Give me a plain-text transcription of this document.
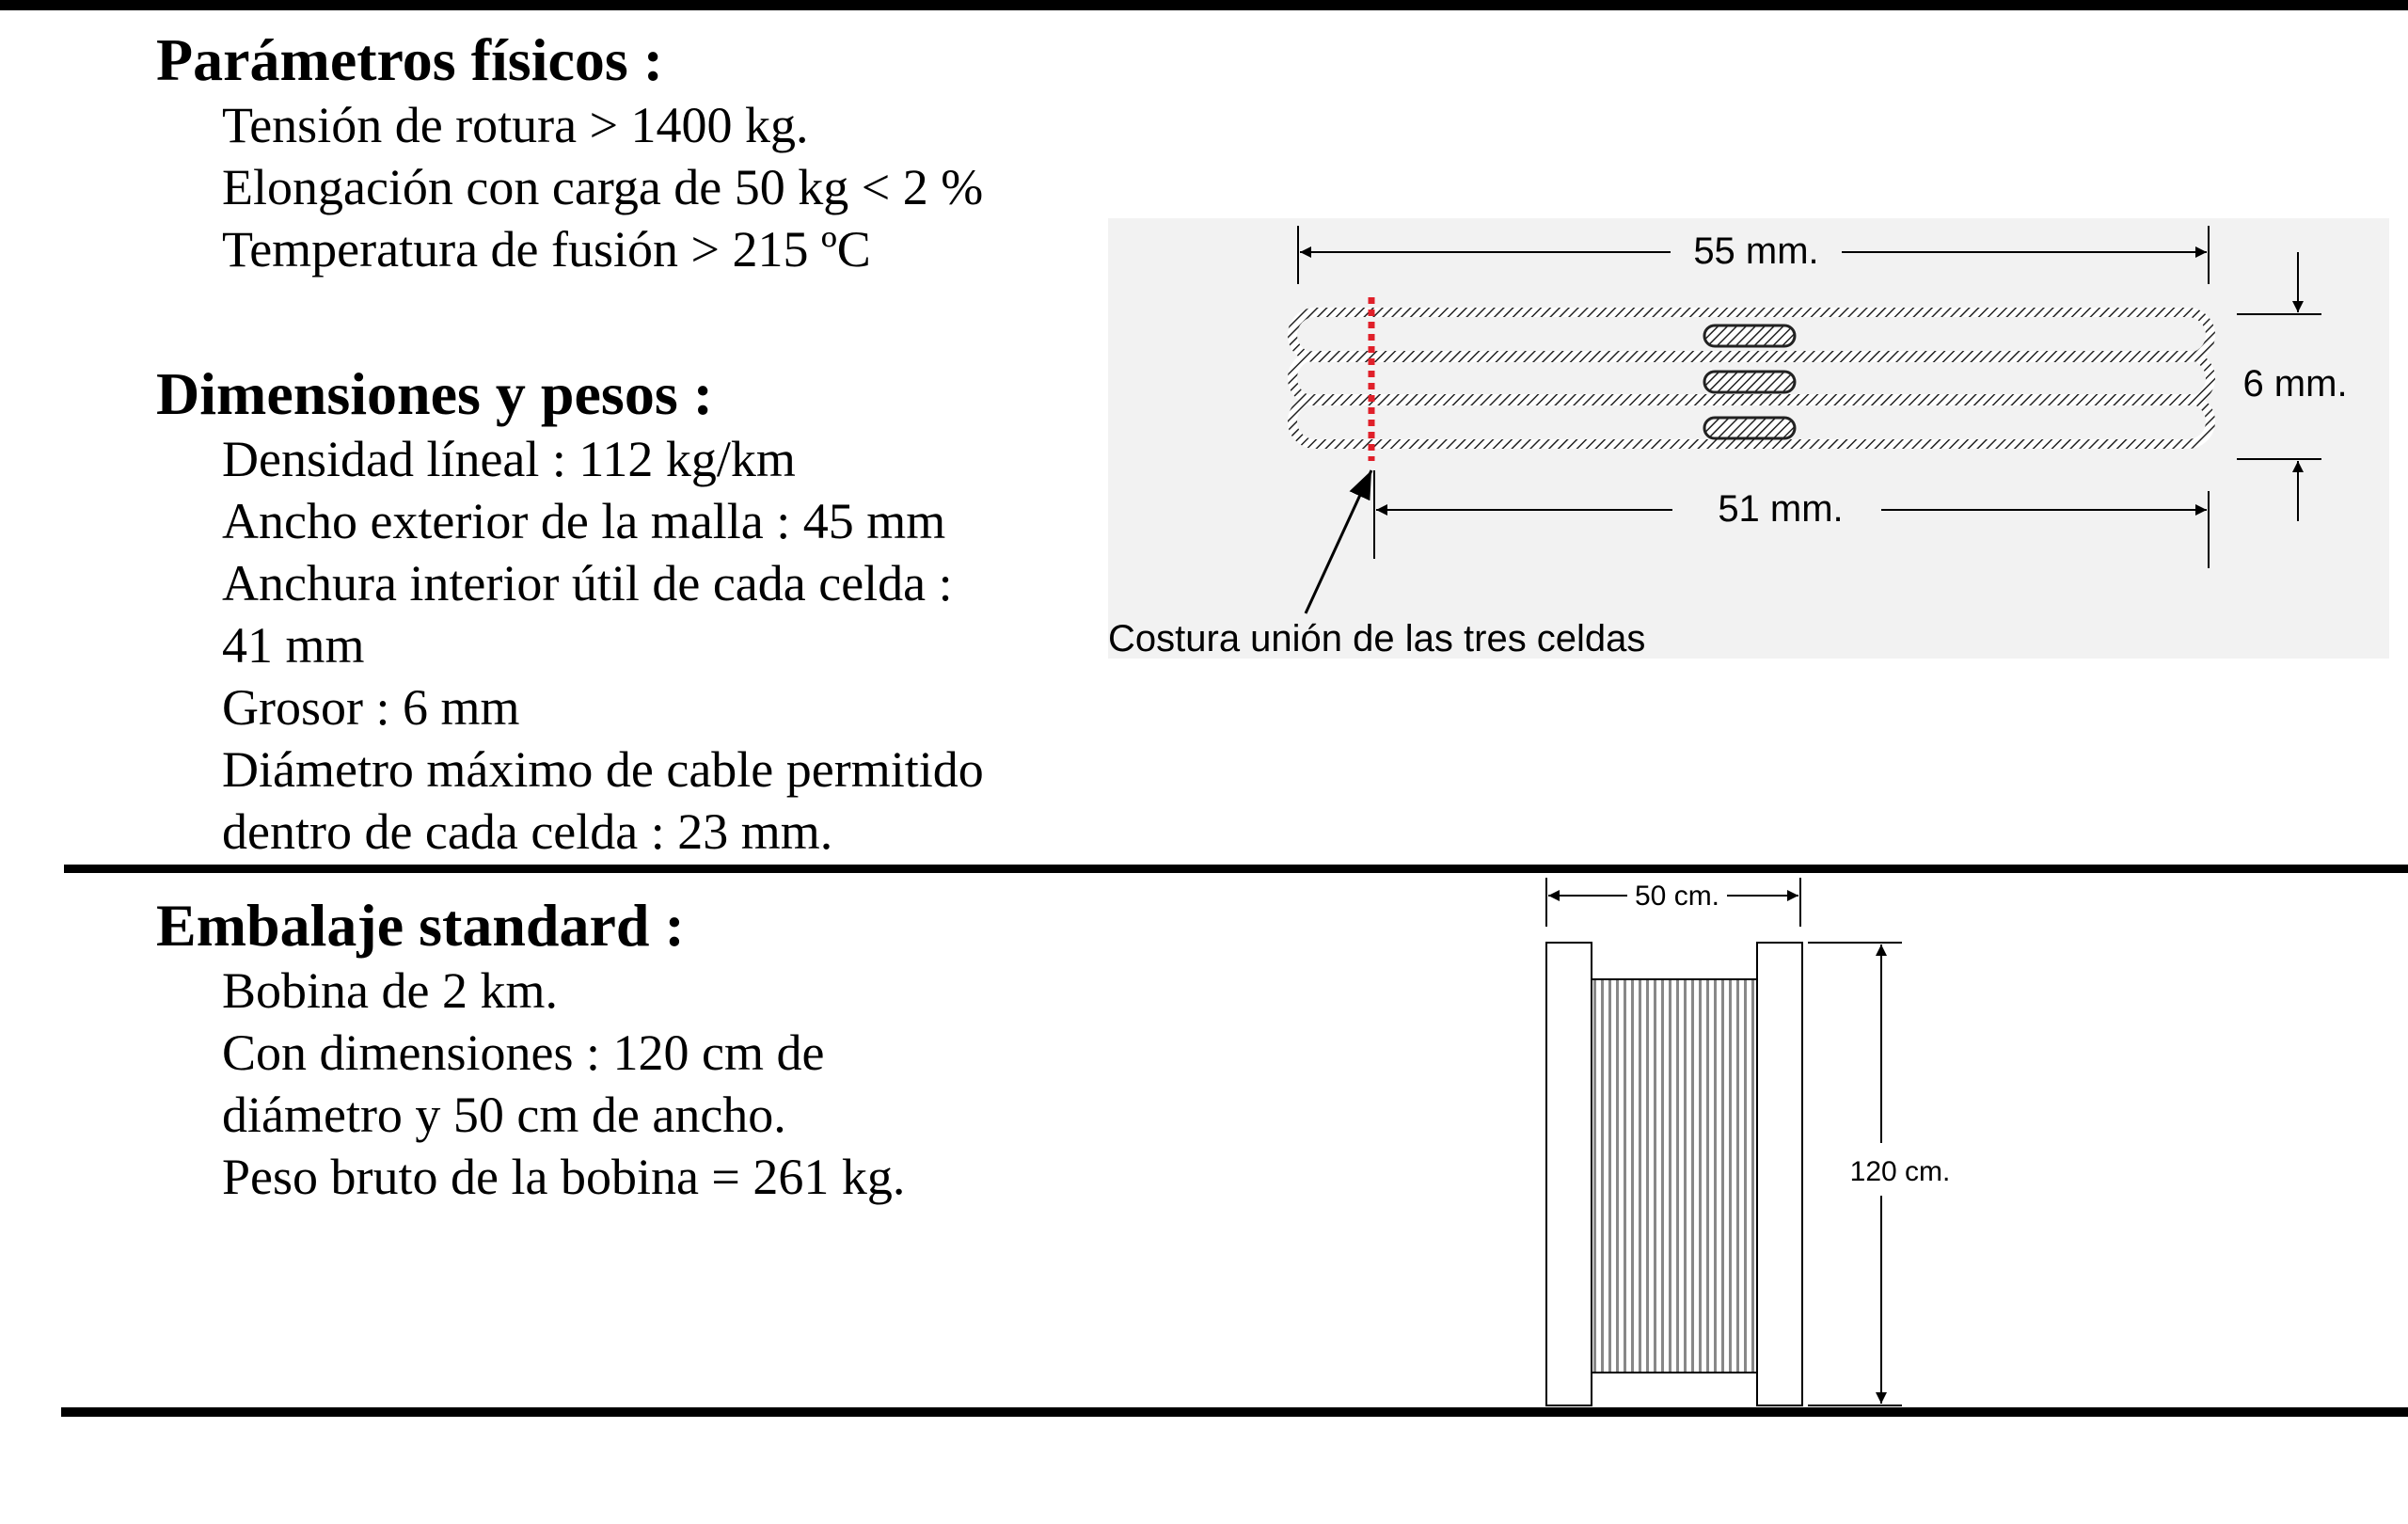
Parámetros físicos :
Tensión de rotura > 1400 kg.
Elongación con carga de 50 kg < 2 %
Temperatura de fusión > 215 ºC
Dimensiones y pesos :
Densidad líneal : 112 kg/km
Ancho exterior de la malla : 45 mm
Anchura interior útil de cada celda :
41 mm
Grosor : 6 mm
Diámetro máximo de cable permitido
dentro de cada celda : 23 mm.
Embalaje standard :
Bobina de 2 km.
Con dimensiones : 120 cm de
diámetro y 50 cm de ancho.
Peso bruto de la bobina = 261 kg.
55 mm.
6 mm.
51 mm.
Costura unión de las tres celdas
50 cm.
120 cm.
